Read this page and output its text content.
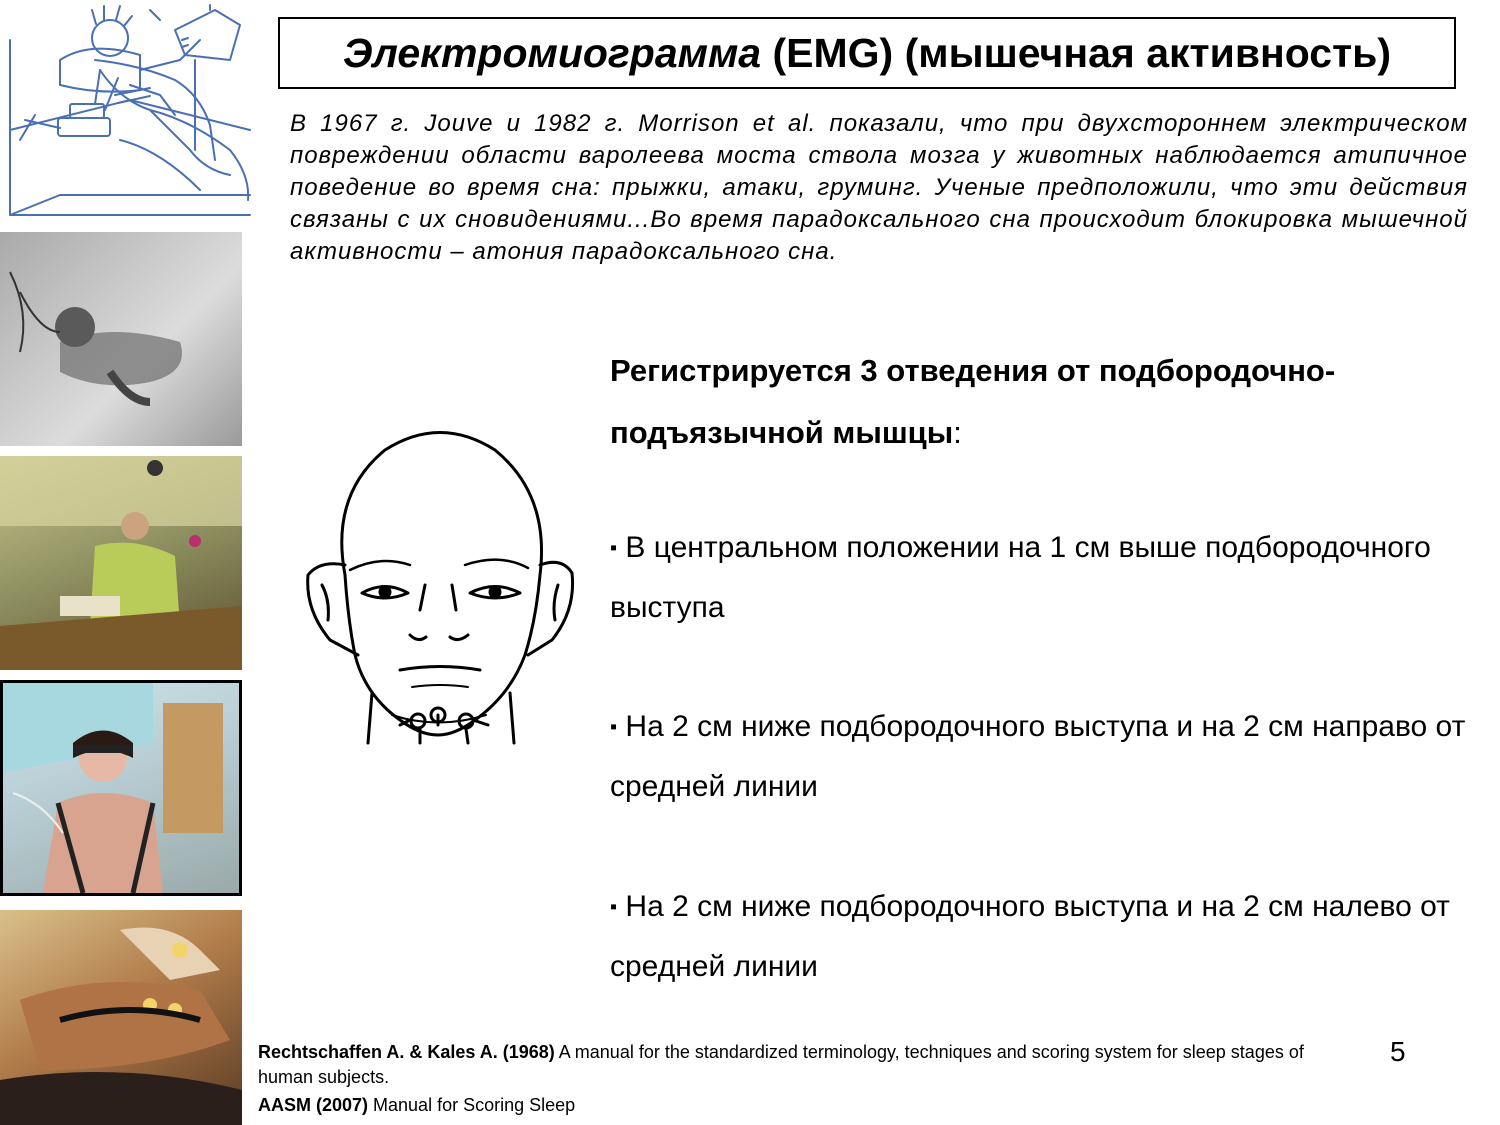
Электромиограмма (EMG) (мышечная активность)
В 1967 г. Jouve и 1982 г. Morrison et al. показали, что при двухстороннем электрическом повреждении области варолеева моста ствола мозга у животных наблюдается атипичное поведение во время сна: прыжки, атаки, груминг. Ученые предположили, что эти действия связаны с их сновидениями...Во время парадоксального сна происходит блокировка мышечной активности – атония парадоксального сна.
Регистрируется 3 отведения от подбородочно-подъязычной мышцы:
▪ В центральном положении на 1 см выше подбородочного выступа
▪ На 2 см ниже подбородочного выступа и на 2 см направо от средней линии
▪ На 2 см ниже подбородочного выступа и на 2 см налево от средней линии
Rechtschaffen A. & Kales A. (1968) A manual for the standardized terminology, techniques and scoring system for sleep stages of human subjects.
AASM (2007) Manual for Scoring Sleep
5
